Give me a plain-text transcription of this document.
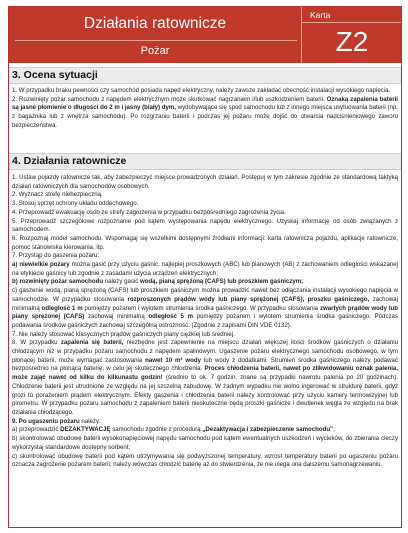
Działania ratownicze
Pożar
Karta
Z2
3. Ocena sytuacji

1. W przypadku braku pewności czy samochód posiada napęd elektryczny, należy zawsze zakładać obecność instalacji wysokiego napięcia.

2. Rozwinięty pożar samochodu z napędem elektrycznym może skutkować nagrzaniem i/lub uszkodzeniem baterii. Oznaką zapalenia baterii są jasne płomienie o długości do 2 m i jasny (biały) dym, wydobywające się spod samochodu lub z innego miejsca usytuowania baterii (np. z bagażnika lub z wnętrza samochodu). Po rozgrzaniu baterii i podczas jej pożaru może dojść do otwarcia nadciśnieniowego zaworu bezpieczeństwa.

4. Działania ratownicze

1. Ustaw pojazdy ratownicze tak, aby zabezpieczyć miejsce prowadzonych działań. Postępuj w tym zakresie zgodnie ze standardową taktyką działań ratowniczych dla samochodów osobowych.

2. Wyznacz strefę niebezpieczną.

3. Stosuj sprzęt ochrony układu oddechowego.

4. Przeprowadź ewakuację osób ze strefy zagrożenia w przypadku bezpośredniego zagrożenia życia.

5. Przeprowadź szczegółowe rozpoznanie pod kątem występowania napędu elektrycznego. Uzyskaj informację od osób związanych z samochodem.

6. Rozpoznaj model samochodu. Wspomagaj się wszelkimi dostępnymi źródłami informacji: karta ratownicza pojazdu, aplikacje ratownicze, pomoc stanowiska kierowania, itp.

7. Przystąp do gaszenia pożaru:

a) niewielkie pożary można gasić przy użyciu gaśnic, najlepiej proszkowych (ABC) lub pianowych (AB) z zachowaniem odległości wskazanej na etykiecie gaśnicy lub zgodnie z zasadami użycia urządzeń elektrycznych;

b) rozwinięty pożar samochodu należy gasić wodą, pianą sprężoną (CAFS) lub proszkiem gaśniczym;

c) gaszenie wodą, pianą sprężoną (CAFS) lub proszkiem gaśniczym można prowadzić nawet bez odłączania instalacji wysokiego napięcia w samochodzie. W przypadku stosowania rozproszonych prądów wody lub piany sprężonej (CAFS), proszku gaśniczego, zachowaj minimalną odległość 1 m pomiędzy pożarem i wylotem strumienia środka gaśniczego. W przypadku stosowania zwartych prądów wody lub piany sprężonej (CAFS) zachowaj minimalną odległość 5 m pomiędzy pożarem i wylotem strumienia środka gaśniczego. Podczas podawania środków gaśniczych zachowaj szczególną ostrożność. (Zgodnie z zapisami DIN VDE 0132).

7. Nie należy stosować klasycznych prądów gaśniczych piany ciężkiej lub średniej.

8. W przypadku zapalenia się baterii, niezbędne jest zapewnienie na miejscu działań większej ilości środków gaśniczych o działaniu chłodzącym niż w przypadku pożaru samochodu z napędem spalinowym. Ugaszenie pożaru elektrycznego samochodu osobowego, w tym płonącej baterii, może wymagać zastosowania nawet 10 m³ wody lub wody z dodatkami. Strumień środka gaśniczego należy podawać bezpośrednio na płonącą baterię, w celu jej skutecznego chłodzenia. Proces chłodzenia baterii, nawet po zlikwidowaniu oznak palenia, może zająć nawet od kilku do kilkunastu godzin! (średnio to ok. 7 godzin, znane są przypadki nawrotu palenia po 20 godzinach). Chłodzenie baterii jest utrudnione ze względu na jej szczelną zabudowę. W żadnym wypadku nie wolno ingerować w strukturę baterii, gdyż grozi to porażeniem prądem elektrycznym. Efekty gaszenia i chłodzenia baterii należy kontrolować przy użyciu kamery termowizyjnej lub pirometru. W przypadku pożaru samochodu z zapaleniem baterii nieskuteczne będą proszki gaśnicze i dwutlenek węgla ze względu na brak działania chłodzącego.

9. Po ugaszeniu pożaru należy:

a) przeprowadzić DEZAKTYWACJĘ samochodu zgodnie z procedurą „Dezaktywacja i zabezpieczenie samochodu”;

b) skontrolować obudowę baterii wysokonapięciowej napędu samochodu pod kątem ewentualnych uszkodzeń i wycieków, do zbierania cieczy wykorzystaj standardowe dostępny sorbent;

c) skontrolować obudowę baterii pod kątem utrzymywania się podwyższonej temperatury, wzrost temperatury baterii po ugaszeniu pożaru oznacza zagrożenie pożarem baterii; należy wówczas chłodzić baterię aż do stwierdzenia, że nie ulega ona dalszemu samonagrzewaniu.
